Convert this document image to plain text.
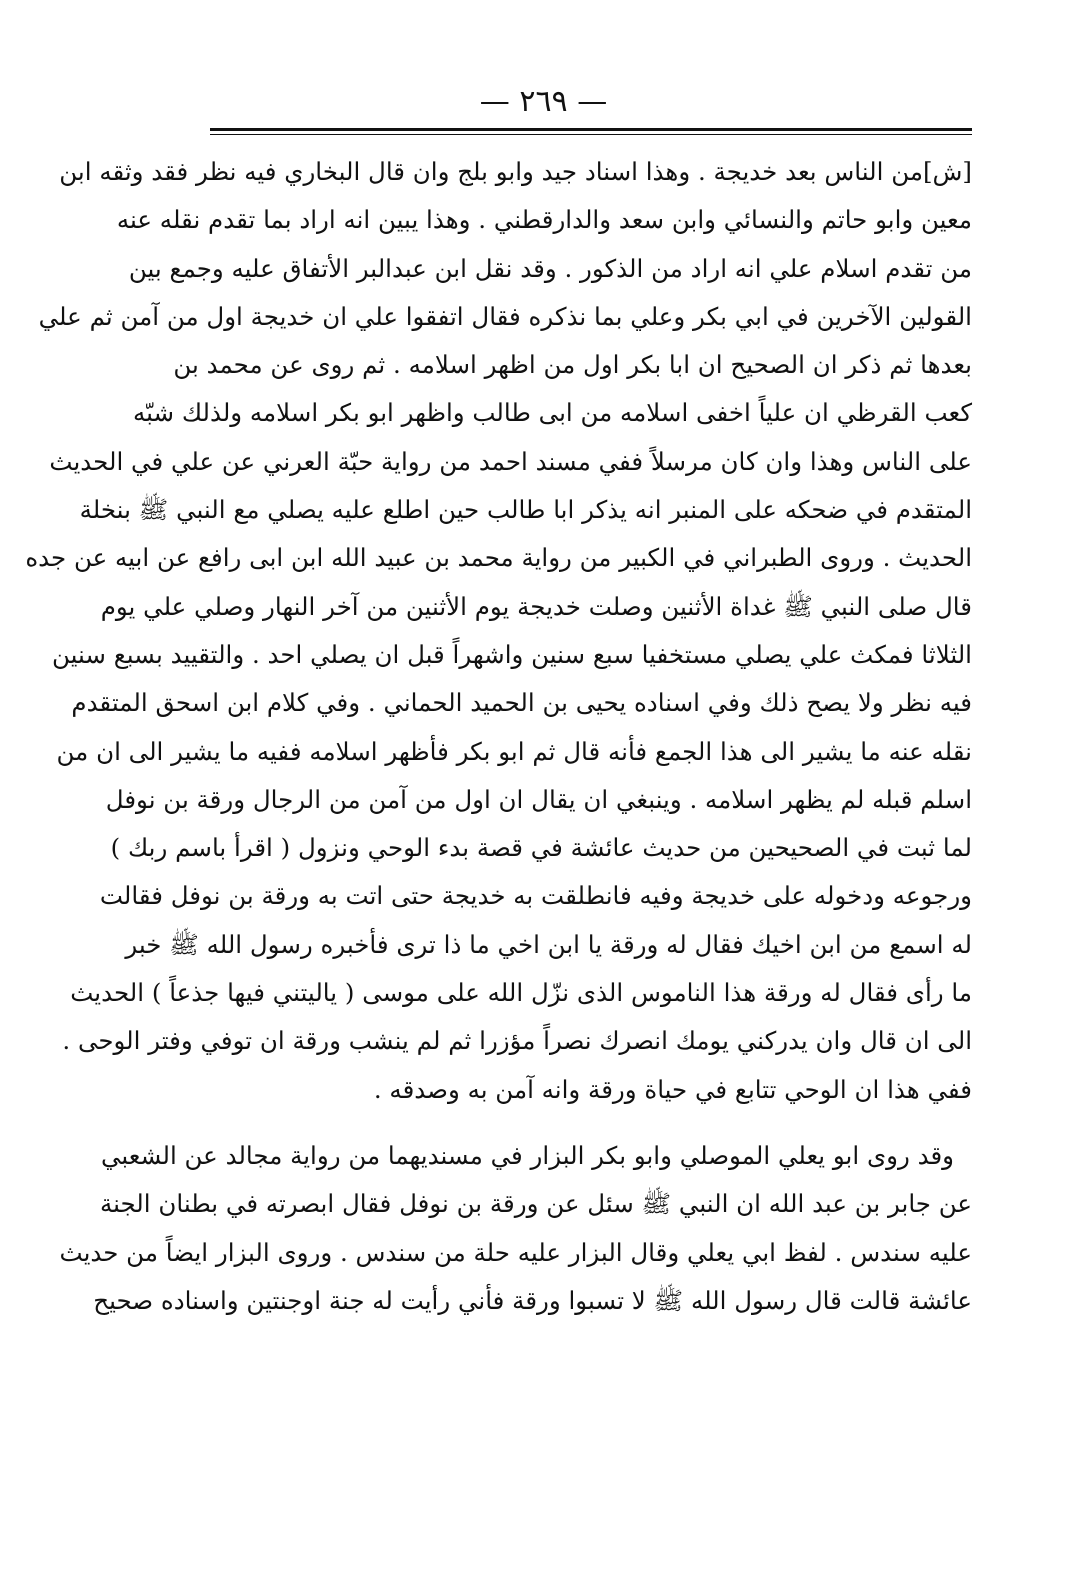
— ٢٦٩ —
[ش]من الناس بعد خديجة . وهذا اسناد جيد وابو بلج وان قال البخاري فيه نظر فقد وثقه ابن
معين وابو حاتم والنسائي وابن سعد والدارقطني . وهذا يبين انه اراد بما تقدم نقله عنه
من تقدم اسلام علي انه اراد من الذكور . وقد نقل ابن عبدالبر الأتفاق عليه وجمع بين
القولين الآخرين في ابي بكر وعلي بما نذكره فقال اتفقوا علي ان خديجة اول من آمن ثم علي
بعدها ثم ذكر ان الصحيح ان ابا بكر اول من اظهر اسلامه . ثم روى عن محمد بن
كعب القرظي ان علياً اخفى اسلامه من ابى طالب واظهر ابو بكر اسلامه ولذلك شبّه
على الناس وهذا وان كان مرسلاً ففي مسند احمد من رواية حبّة العرني عن علي في الحديث
المتقدم في ضحكه على المنبر انه يذكر ابا طالب حين اطلع عليه يصلي مع النبي ﷺ بنخلة
الحديث . وروى الطبراني في الكبير من رواية محمد بن عبيد الله ابن ابى رافع عن ابيه عن جده
قال صلى النبي ﷺ غداة الأثنين وصلت خديجة يوم الأثنين من آخر النهار وصلي علي يوم
الثلاثا فمكث علي يصلي مستخفيا سبع سنين واشهراً قبل ان يصلي احد . والتقييد بسبع سنين
فيه نظر ولا يصح ذلك وفي اسناده يحيى بن الحميد الحماني . وفي كلام ابن اسحق المتقدم
نقله عنه ما يشير الى هذا الجمع فأنه قال ثم ابو بكر فأظهر اسلامه ففيه ما يشير الى ان من
اسلم قبله لم يظهر اسلامه . وينبغي ان يقال ان اول من آمن من الرجال ورقة بن نوفل
لما ثبت في الصحيحين من حديث عائشة في قصة بدء الوحي ونزول ( اقرأ باسم ربك )
ورجوعه ودخوله على خديجة وفيه فانطلقت به خديجة حتى اتت به ورقة بن نوفل فقالت
له اسمع من ابن اخيك فقال له ورقة يا ابن اخي ما ذا ترى فأخبره رسول الله ﷺ خبر
ما رأى فقال له ورقة هذا الناموس الذى نزّل الله على موسى ( ياليتني فيها جذعاً ) الحديث
الى ان قال وان يدركني يومك انصرك نصراً مؤزرا ثم لم ينشب ورقة ان توفي وفتر الوحى .
ففي هذا ان الوحي تتابع في حياة ورقة وانه آمن به وصدقه .
وقد روى ابو يعلي الموصلي وابو بكر البزار في مسنديهما من رواية مجالد عن الشعبي
عن جابر بن عبد الله ان النبي ﷺ سئل عن ورقة بن نوفل فقال ابصرته في بطنان الجنة
عليه سندس . لفظ ابي يعلي وقال البزار عليه حلة من سندس . وروى البزار ايضاً من حديث
عائشة قالت قال رسول الله ﷺ لا تسبوا ورقة فأني رأيت له جنة اوجنتين واسناده صحيح
